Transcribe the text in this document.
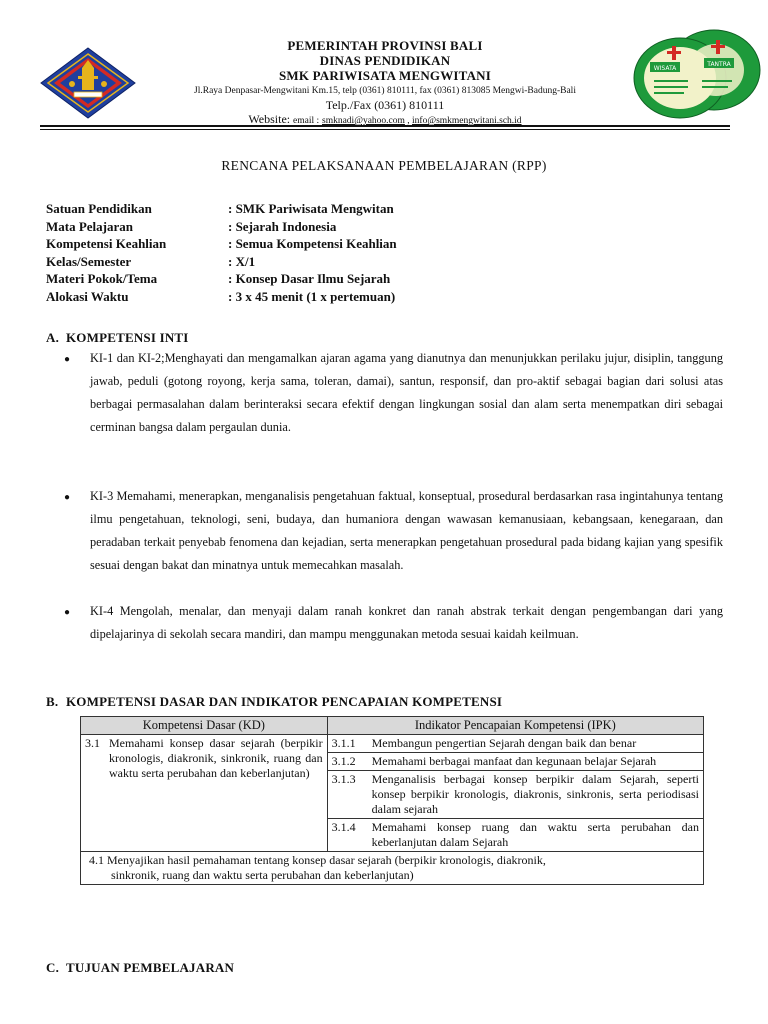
PEMERINTAH PROVINSI BALI
DINAS PENDIDIKAN
SMK PARIWISATA MENGWITANI
Jl.Raya Denpasar-Mengwitani Km.15, telp (0361) 810111, fax (0361) 813085 Mengwi-Badung-Bali
Telp./Fax (0361) 810111
Website: email : smknadi@yahoo.com , info@smkmengwitani.sch.id
WISATA
TANTRA
RENCANA PELAKSANAAN PEMBELAJARAN (RPP)
Satuan Pendidikan	: SMK Pariwisata Mengwitan
Mata Pelajaran	: Sejarah Indonesia
Kompetensi Keahlian	: Semua Kompetensi Keahlian
Kelas/Semester	: X/1
Materi Pokok/Tema	: Konsep Dasar Ilmu Sejarah
Alokasi Waktu	: 3 x 45 menit (1 x pertemuan)
A. KOMPETENSI INTI
● KI-1 dan KI-2;Menghayati dan mengamalkan ajaran agama yang dianutnya dan menunjukkan perilaku jujur, disiplin, tanggung jawab, peduli (gotong royong, kerja sama, toleran, damai), santun, responsif, dan pro-aktif sebagai bagian dari solusi atas berbagai permasalahan dalam berinteraksi secara efektif dengan lingkungan sosial dan alam serta menempatkan diri sebagai cerminan bangsa dalam pergaulan dunia.

● KI-3 Memahami, menerapkan, menganalisis pengetahuan faktual, konseptual, prosedural berdasarkan rasa ingintahunya tentang ilmu pengetahuan, teknologi, seni, budaya, dan humaniora dengan wawasan kemanusiaan, kebangsaan, kenegaraan, dan peradaban terkait penyebab fenomena dan kejadian, serta menerapkan pengetahuan prosedural pada bidang kajian yang spesifik sesuai dengan bakat dan minatnya untuk memecahkan masalah.

● KI-4 Mengolah, menalar, dan menyaji dalam ranah konkret dan ranah abstrak terkait dengan pengembangan dari yang dipelajarinya di sekolah secara mandiri, dan mampu menggunakan metoda sesuai kaidah keilmuan.

B. KOMPETENSI DASAR DAN INDIKATOR PENCAPAIAN KOMPETENSI
Kompetensi Dasar (KD)	Indikator Pencapaian Kompetensi (IPK)

3.1 Memahami konsep dasar sejarah (berpikir kronologis, diakronik, sinkronik, ruang dan waktu serta perubahan dan keberlanjutan)	3.1.1 Membangun pengertian Sejarah dengan baik dan benar

	3.1.2 Memahami berbagai manfaat dan kegunaan belajar Sejarah

	3.1.3 Menganalisis berbagai konsep berpikir dalam Sejarah, seperti konsep berpikir kronologis, diakronis, sinkronis, serta periodisasi dalam sejarah

	3.1.4 Memahami konsep ruang dan waktu serta perubahan dan keberlanjutan dalam Sejarah

4.1 Menyajikan hasil pemahaman tentang konsep dasar sejarah (berpikir kronologis, diakronik,
sinkronik, ruang dan waktu serta perubahan dan keberlanjutan)	
C. TUJUAN PEMBELAJARAN
